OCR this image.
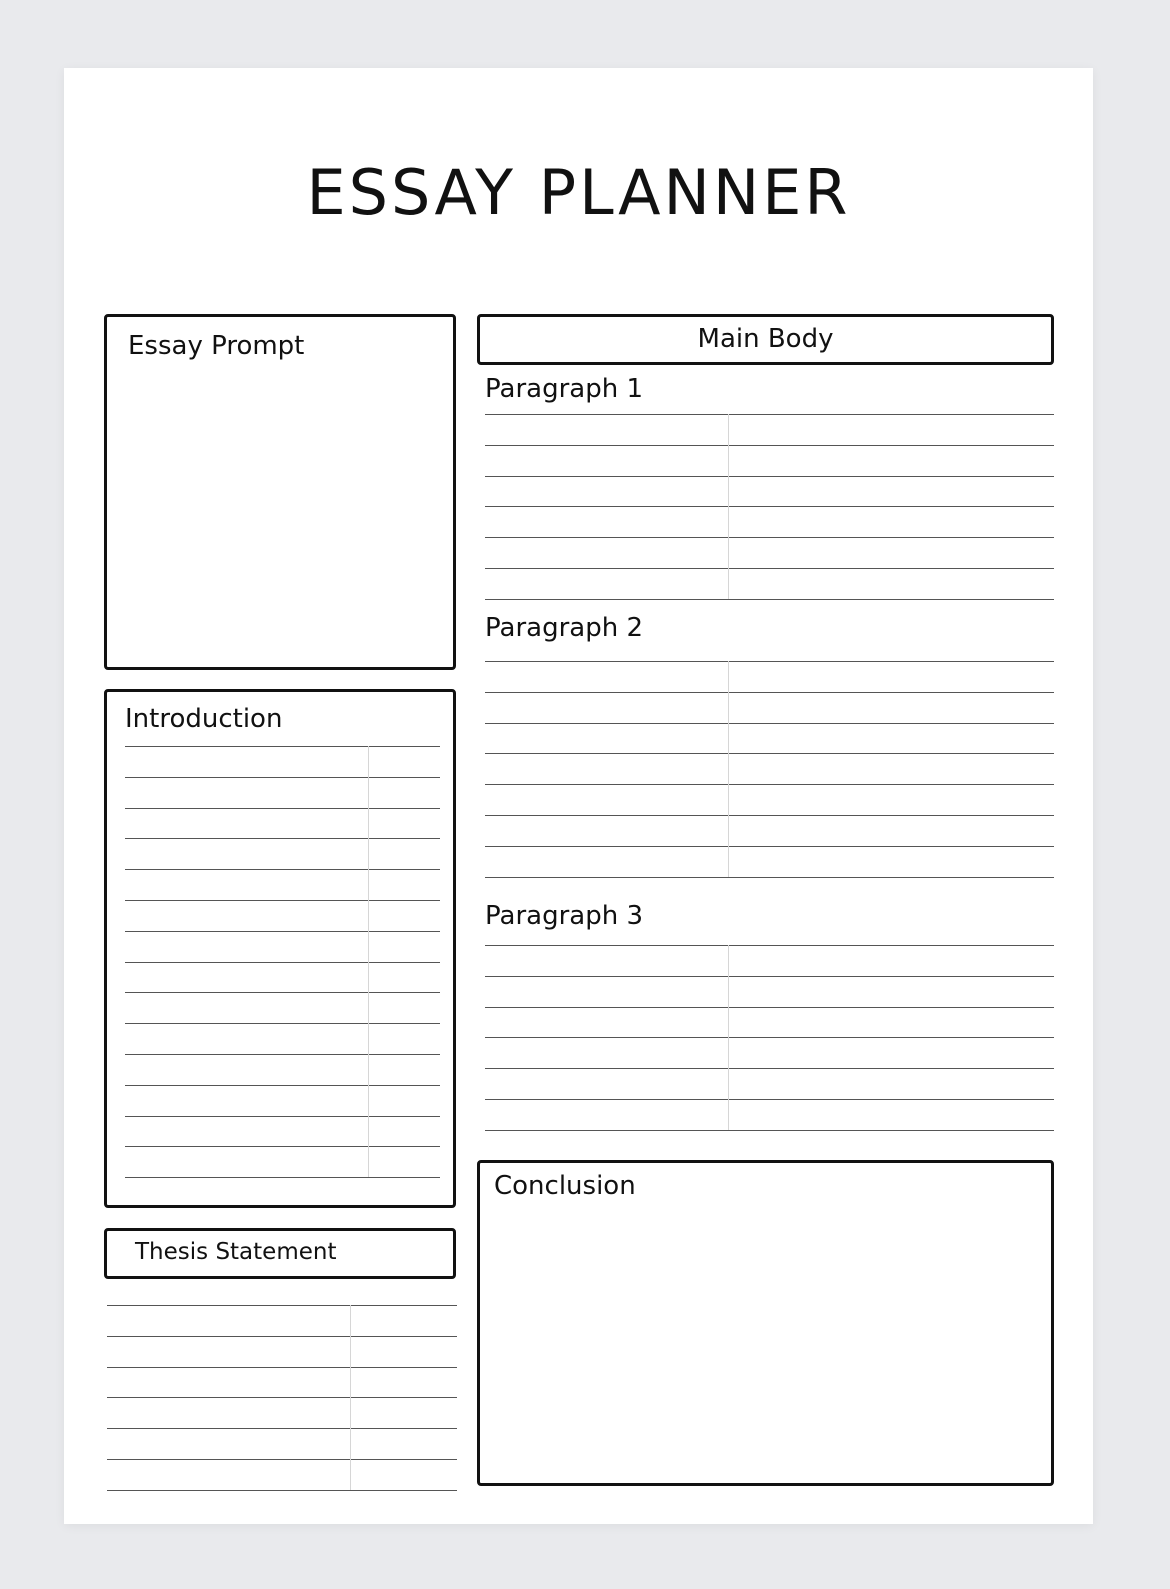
ESSAY PLANNER
Essay Prompt
Introduction
Thesis Statement
Main Body
Paragraph 1
Paragraph 2
Paragraph 3
Conclusion
